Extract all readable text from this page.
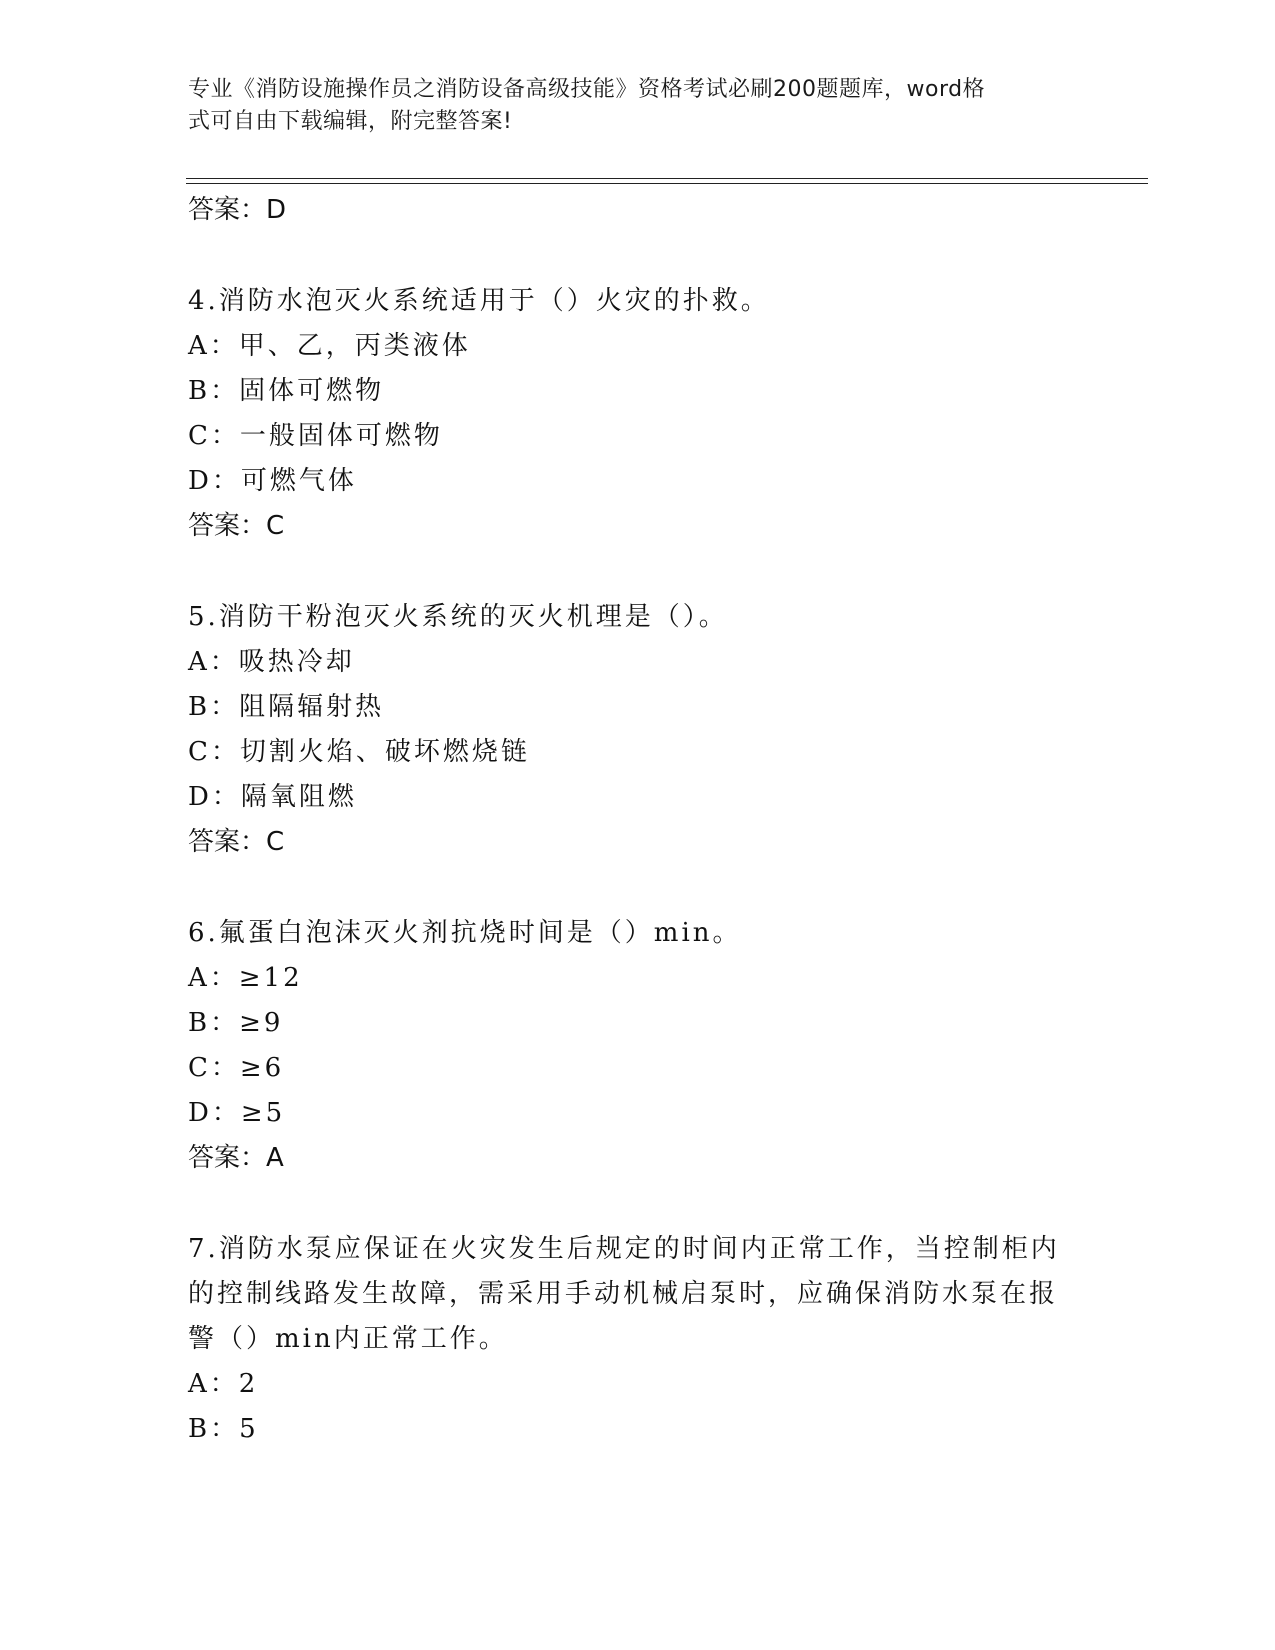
专业《消防设施操作员之消防设备高级技能》资格考试必刷200题题库，word格
式可自由下载编辑，附完整答案!
答案：D
4.消防水泡灭火系统适用于（）火灾的扑救。
A：甲、乙，丙类液体
B：固体可燃物
C：一般固体可燃物
D：可燃气体
答案：C
5.消防干粉泡灭火系统的灭火机理是（）。
A：吸热冷却
B：阻隔辐射热
C：切割火焰、破坏燃烧链
D：隔氧阻燃
答案：C
6.氟蛋白泡沫灭火剂抗烧时间是（）min。
A：≥12
B：≥9
C：≥6
D：≥5
答案：A
7.消防水泵应保证在火灾发生后规定的时间内正常工作，当控制柜内
的控制线路发生故障，需采用手动机械启泵时，应确保消防水泵在报
警（）min内正常工作。
A：2
B：5
